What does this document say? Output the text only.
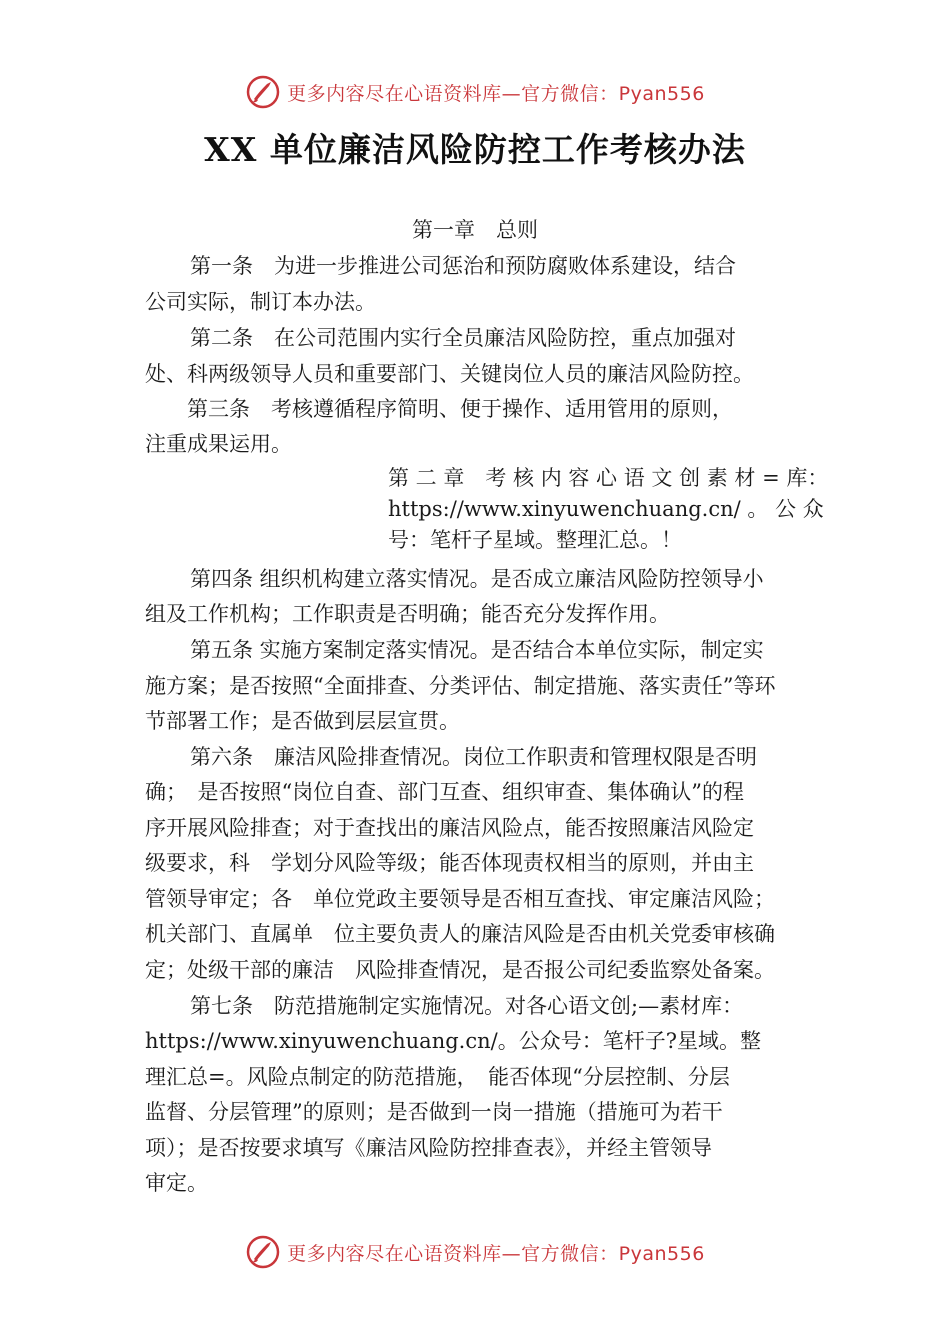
更多内容尽在心语资料库—官方微信：Pyan556
XX 单位廉洁风险防控工作考核办法
第一章　总则
第一条　为进一步推进公司惩治和预防腐败体系建设，结合
公司实际，制订本办法。
第二条　在公司范围内实行全员廉洁风险防控，重点加强对
处、科两级领导人员和重要部门、关键岗位人员的廉洁风险防控。
第三条　考核遵循程序简明、便于操作、适用管用的原则，
注重成果运用。
第 二 章　考 核 内 容 心 语 文 创 素 材 = 库：
https://www.xinyuwenchuang.cn/ 。 公 众
号：笔杆子星域。整理汇总。！
第四条 组织机构建立落实情况。是否成立廉洁风险防控领导小
组及工作机构；工作职责是否明确；能否充分发挥作用。
第五条 实施方案制定落实情况。是否结合本单位实际，制定实
施方案；是否按照“全面排查、分类评估、制定措施、落实责任”等环
节部署工作；是否做到层层宣贯。
第六条　廉洁风险排查情况。岗位工作职责和管理权限是否明
确；　是否按照“岗位自查、部门互查、组织审查、集体确认”的程
序开展风险排查；对于查找出的廉洁风险点，能否按照廉洁风险定
级要求，科　学划分风险等级；能否体现责权相当的原则，并由主
管领导审定；各　单位党政主要领导是否相互查找、审定廉洁风险；
机关部门、直属单　位主要负责人的廉洁风险是否由机关党委审核确
定；处级干部的廉洁　风险排查情况，是否报公司纪委监察处备案。
第七条　防范措施制定实施情况。对各心语文创;—素材库：
https://www.xinyuwenchuang.cn/。公众号：笔杆子?星域。整
理汇总=。风险点制定的防范措施，　能否体现“分层控制、分层
监督、分层管理”的原则；是否做到一岗一措施（措施可为若干
项）；是否按要求填写《廉洁风险防控排查表》，并经主管领导
审定。
更多内容尽在心语资料库—官方微信：Pyan556
